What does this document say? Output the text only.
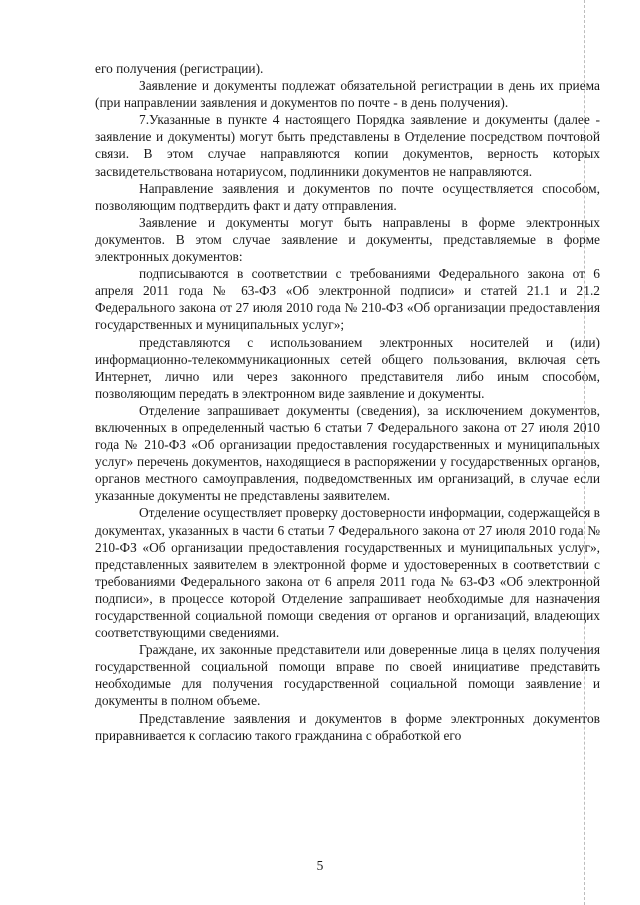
его получения (регистрации).

Заявление и документы подлежат обязательной регистрации в день их приема (при направлении заявления и документов по почте - в день получения).

7.Указанные в пункте 4 настоящего Порядка заявление и документы (далее - заявление и документы) могут быть представлены в Отделение посредством почтовой связи. В этом случае направляются копии документов, верность которых засвидетельствована нотариусом, подлинники документов не направляются.

Направление заявления и документов по почте осуществляется способом, позволяющим подтвердить факт и дату отправления.

Заявление и документы могут быть направлены в форме электронных документов. В этом случае заявление и документы, представляемые в форме электронных документов:

подписываются в соответствии с требованиями Федерального закона от 6 апреля 2011 года № 63-ФЗ «Об электронной подписи» и статей 21.1 и 21.2 Федерального закона от 27 июля 2010 года № 210-ФЗ «Об организации предоставления государственных и муниципальных услуг»;

представляются с использованием электронных носителей и (или) информационно-телекоммуникационных сетей общего пользования, включая сеть Интернет, лично или через законного представителя либо иным способом, позволяющим передать в электронном виде заявление и документы.

Отделение запрашивает документы (сведения), за исключением документов, включенных в определенный частью 6 статьи 7 Федерального закона от 27 июля 2010 года № 210-ФЗ «Об организации предоставления государственных и муниципальных услуг» перечень документов, находящиеся в распоряжении у государственных органов, органов местного самоуправления, подведомственных им организаций, в случае если указанные документы не представлены заявителем.

Отделение осуществляет проверку достоверности информации, содержащейся в документах, указанных в части 6 статьи 7 Федерального закона от 27 июля 2010 года № 210-ФЗ «Об организации предоставления государственных и муниципальных услуг», представленных заявителем в электронной форме и удостоверенных в соответствии с требованиями Федерального закона от 6 апреля 2011 года № 63-ФЗ «Об электронной подписи», в процессе которой Отделение запрашивает необходимые для назначения государственной социальной помощи сведения от органов и организаций, владеющих соответствующими сведениями.

Граждане, их законные представители или доверенные лица в целях получения государственной социальной помощи вправе по своей инициативе представить необходимые для получения государственной социальной помощи заявление и документы в полном объеме.

Представление заявления и документов в форме электронных документов приравнивается к согласию такого гражданина с обработкой его

5
